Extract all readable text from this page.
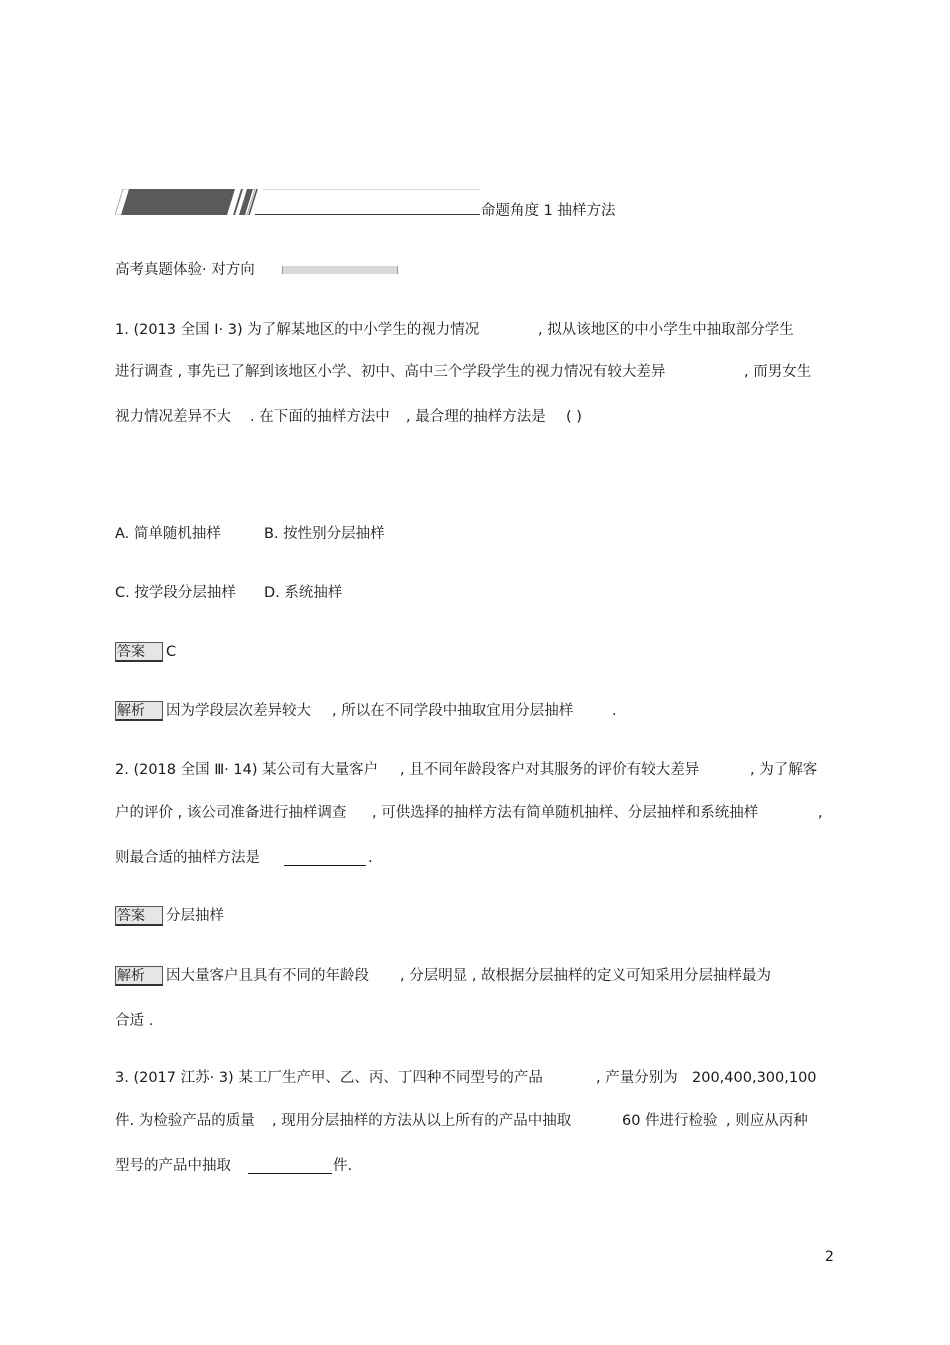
命题角度 1 抽样方法
高考真题体验· 对方向
1. (2013 全国 Ⅰ· 3) 为了解某地区的中小学生的视力情况	, 拟从该地区的中小学生中抽取部分学生
进行调查 , 事先已了解到该地区小学、初中、高中三个学段学生的视力情况有较大差异	, 而男女生
视力情况差异不大 . 在下面的抽样方法中 , 最合理的抽样方法是 ( )
A. 简单随机抽样	B. 按性别分层抽样
C. 按学段分层抽样 D. 系统抽样
答案	C
解析	因为学段层次差异较大 , 所以在不同学段中抽取宜用分层抽样	.
2. (2018 全国 Ⅲ· 14) 某公司有大量客户 , 且不同年龄段客户对其服务的评价有较大差异	, 为了解客
户的评价 , 该公司准备进行抽样调查 , 可供选择的抽样方法有简单随机抽样、分层抽样和系统抽样	,
则最合适的抽样方法是	.
答案	分层抽样
解析	因大量客户且具有不同的年龄段 , 分层明显 , 故根据分层抽样的定义可知采用分层抽样最为
合适 .
3. (2017 江苏· 3) 某工厂生产甲、乙、丙、丁四种不同型号的产品	, 产量分别为 200,400,300,100
件. 为检验产品的质量 , 现用分层抽样的方法从以上所有的产品中抽取	60 件进行检验 , 则应从丙种
型号的产品中抽取	件.
2
